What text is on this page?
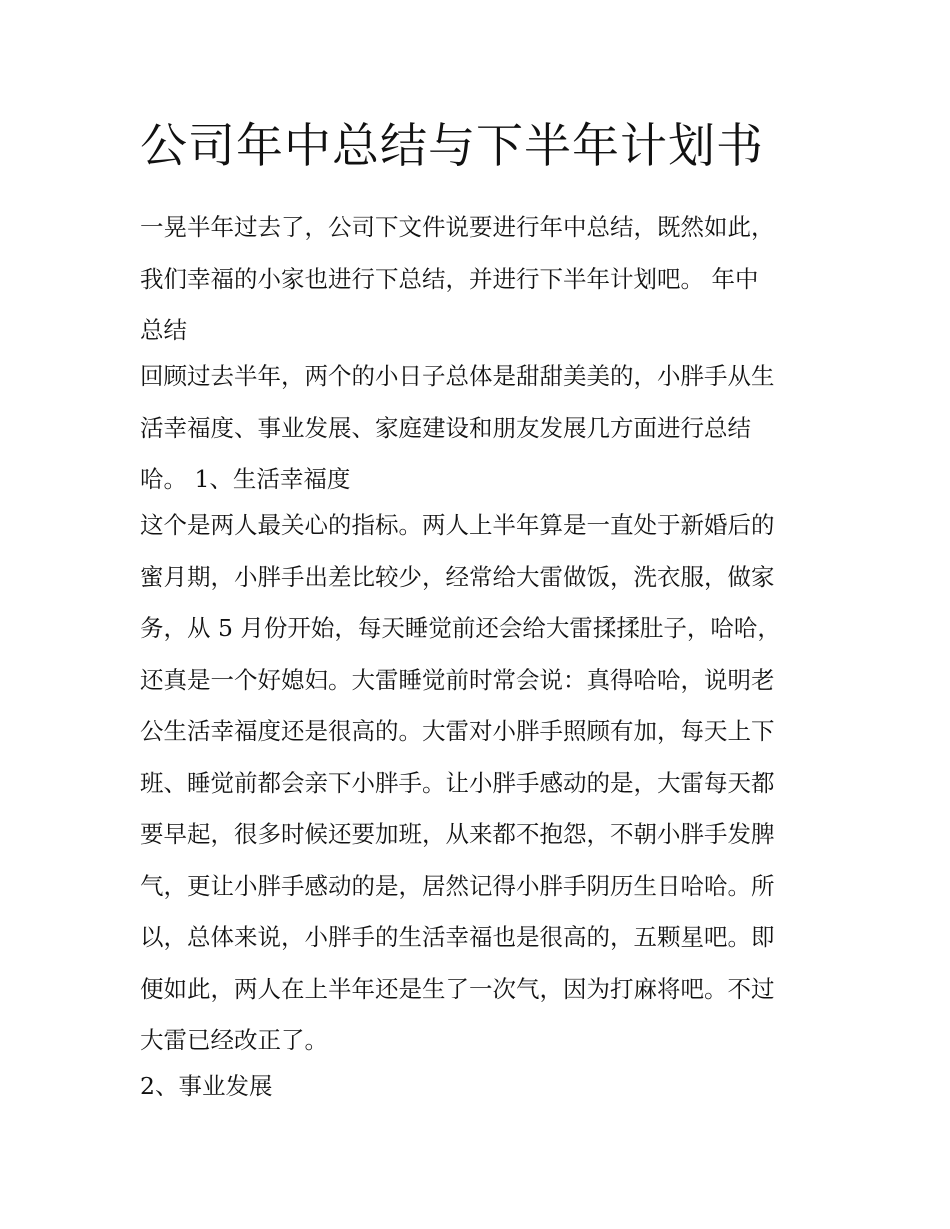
公司年中总结与下半年计划书
一晃半年过去了，公司下文件说要进行年中总结，既然如此，
我们幸福的小家也进行下总结，并进行下半年计划吧。 年中
总结
回顾过去半年，两个的小日子总体是甜甜美美的，小胖手从生
活幸福度、事业发展、家庭建设和朋友发展几方面进行总结
哈。 1、生活幸福度
这个是两人最关心的指标。两人上半年算是一直处于新婚后的
蜜月期，小胖手出差比较少，经常给大雷做饭，洗衣服，做家
务，从 5 月份开始，每天睡觉前还会给大雷揉揉肚子，哈哈，
还真是一个好媳妇。大雷睡觉前时常会说：真得哈哈，说明老
公生活幸福度还是很高的。大雷对小胖手照顾有加，每天上下
班、睡觉前都会亲下小胖手。让小胖手感动的是，大雷每天都
要早起，很多时候还要加班，从来都不抱怨，不朝小胖手发脾
气，更让小胖手感动的是，居然记得小胖手阴历生日哈哈。所
以，总体来说，小胖手的生活幸福也是很高的，五颗星吧。即
便如此，两人在上半年还是生了一次气，因为打麻将吧。不过
大雷已经改正了。
2、事业发展
